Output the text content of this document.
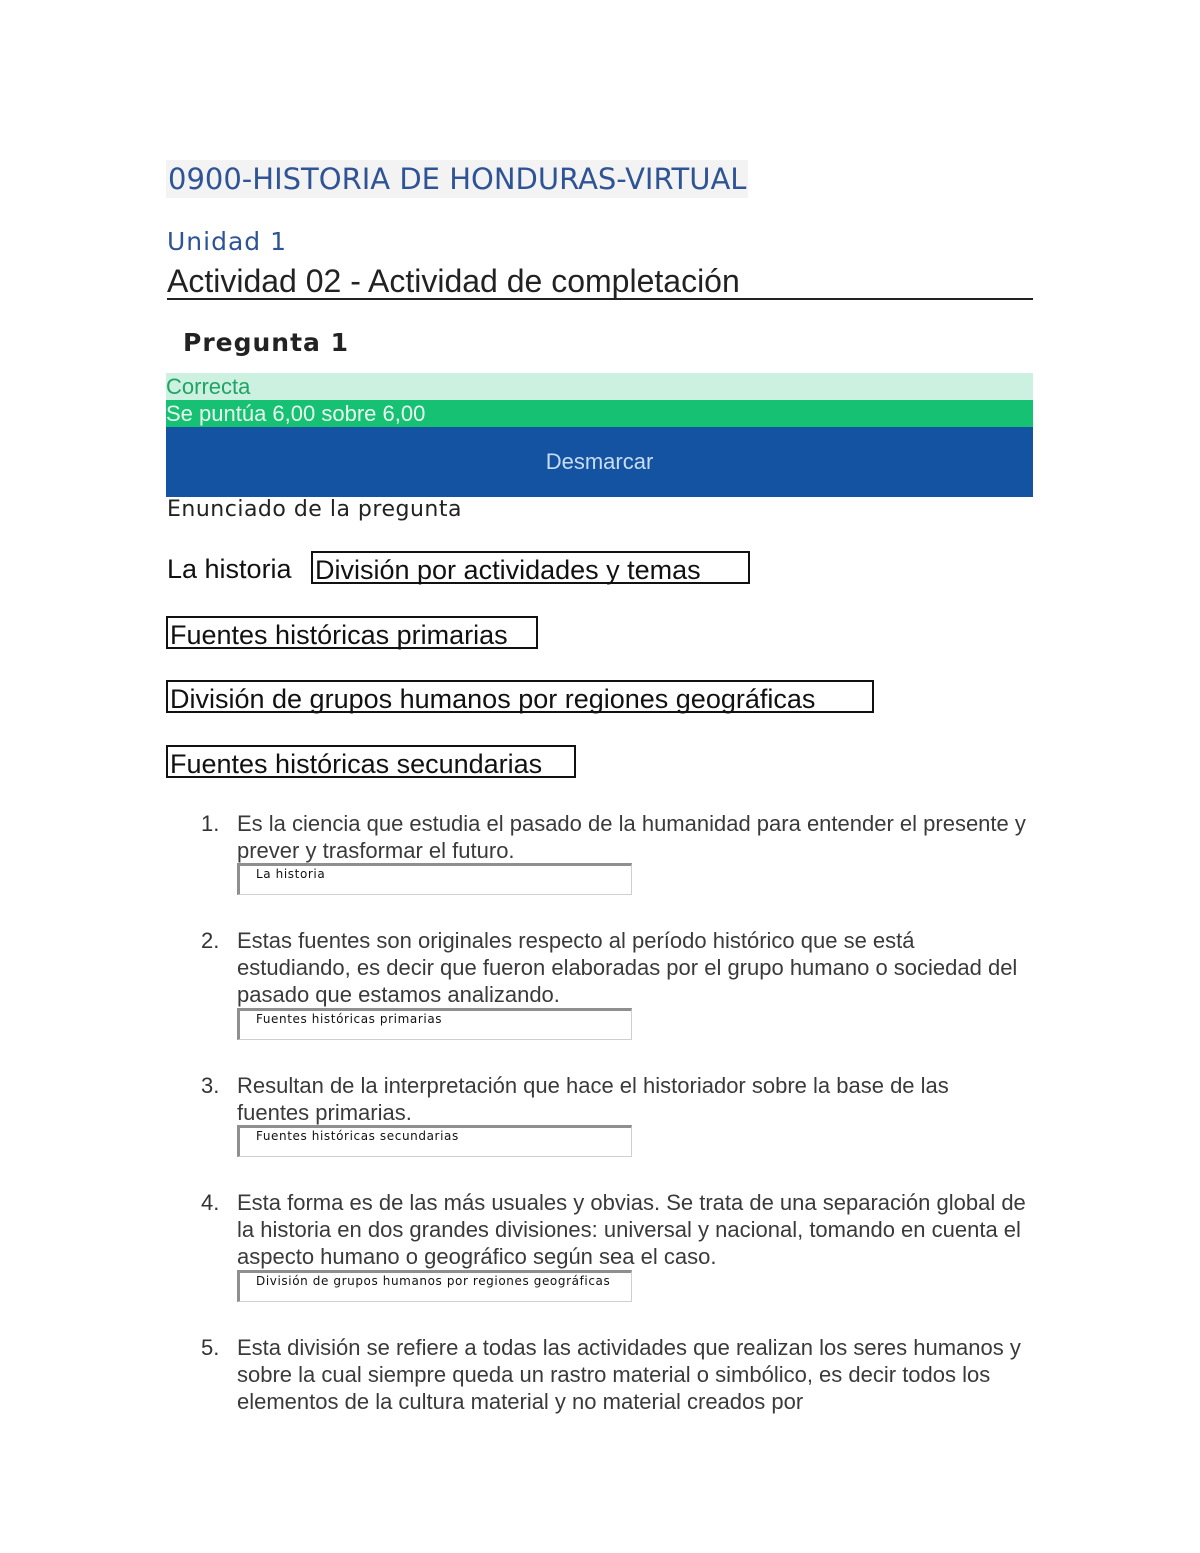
0900-HISTORIA DE HONDURAS-VIRTUAL
Unidad 1
Actividad 02 - Actividad de completación
Pregunta 1
Correcta
Se puntúa 6,00 sobre 6,00
Desmarcar
Enunciado de la pregunta
La historia División por actividades y temas
Fuentes históricas primarias
División de grupos humanos por regiones geográficas
Fuentes históricas secundarias
1. Es la ciencia que estudia el pasado de la humanidad para entender el presente y prever y trasformar el futuro.
La historia
2. Estas fuentes son originales respecto al período histórico que se está estudiando, es decir que fueron elaboradas por el grupo humano o sociedad del pasado que estamos analizando.
Fuentes históricas primarias
3. Resultan de la interpretación que hace el historiador sobre la base de las fuentes primarias.
Fuentes históricas secundarias
4. Esta forma es de las más usuales y obvias. Se trata de una separación global de la historia en dos grandes divisiones: universal y nacional, tomando en cuenta el aspecto humano o geográfico según sea el caso.
División de grupos humanos por regiones geográficas
5. Esta división se refiere a todas las actividades que realizan los seres humanos y sobre la cual siempre queda un rastro material o simbólico, es decir todos los elementos de la cultura material y no material creados por
